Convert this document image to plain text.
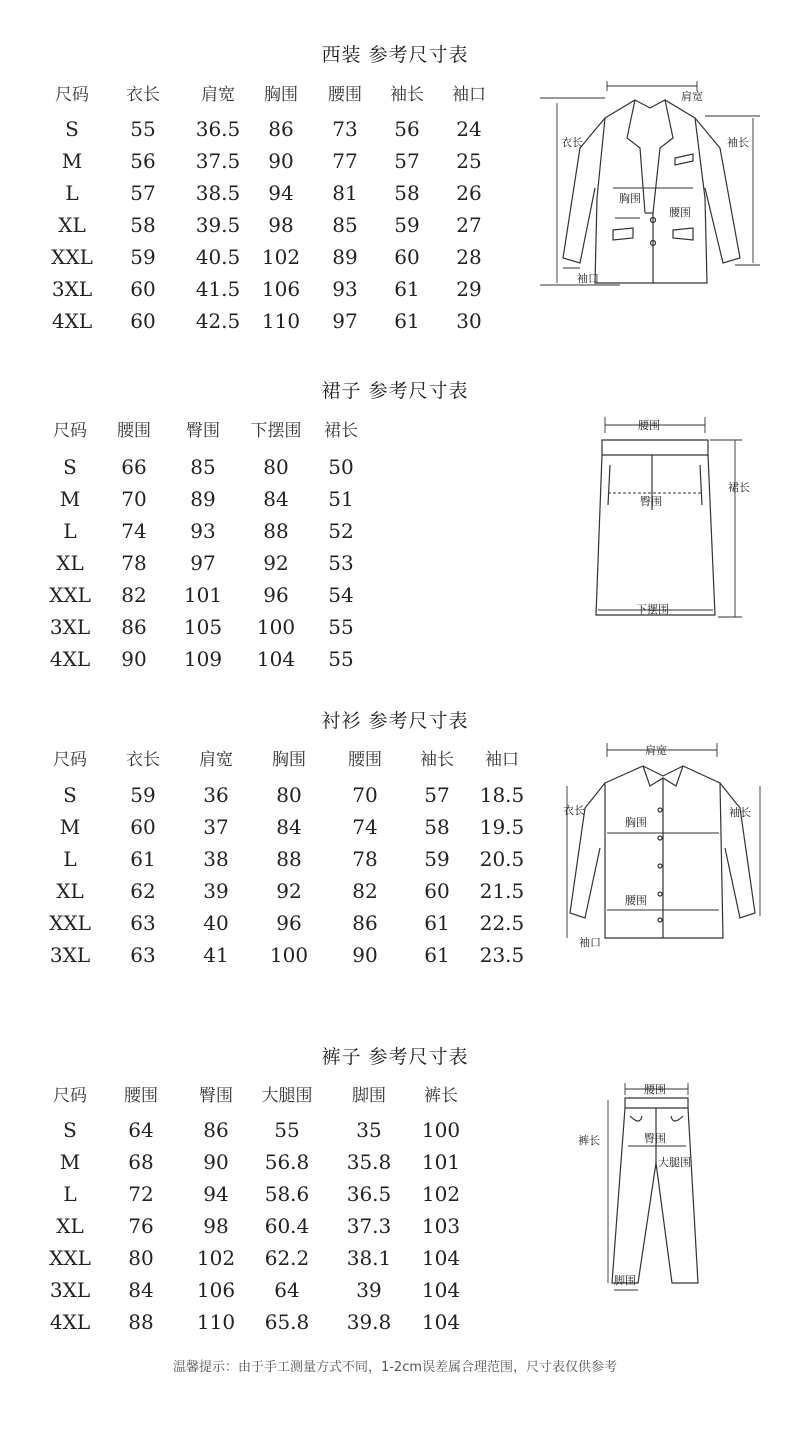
西装 参考尺寸表
尺码 衣长 肩宽 胸围 腰围 袖长 袖口
S	55 36.5 86 73 56 24
M 56 37.5 90 77 57 25
L	57 38.5 94 81 58 26
XL 58 39.5 98 85 59 27
XXL 59 40.5 102 89 60 28
3XL 60 41.5 106 93 61 29
4XL 60 42.5 110 97 61 30
肩宽
衣长	袖长
胸围
腰围
袖口
裙子 参考尺寸表
尺码 腰围 臀围 下摆围 裙长
S 66 85 80 50
M 70 89 84 51
L 74 93 88 52
XL 78 97 92 53
XXL 82 101 96 54
3XL 86 105 100 55
4XL 90 109 104 55
腰围
裙长
臀围
下摆围
衬衫 参考尺寸表
尺码 衣长 肩宽 胸围 腰围 袖长 袖口
S	59 36 80	70 57 18.5
M	60 37 84	74 58 19.5
L	61 38 88	78 59 20.5
XL 62 39 92	82 60 21.5
XXL 63 40 96	86 61 22.5
3XL 63 41 100 90 61 23.5
肩宽
衣长	袖长
胸围
腰围
袖口
裤子 参考尺寸表
尺码 腰围 臀围 大腿围 脚围 裤长
S	64 86 55	35 100
M 68 90 56.8 35.8 101
L	72 94 58.6 36.5 102
XL 76 98 60.4 37.3 103
XXL 80 102 62.2 38.1 104
3XL 84 106 64	39 104
4XL 88 110 65.8 39.8 104
腰围
裤长	臀围
大腿围
脚围
温馨提示：由于手工测量方式不同，1-2cm误差属合理范围，尺寸表仅供参考
